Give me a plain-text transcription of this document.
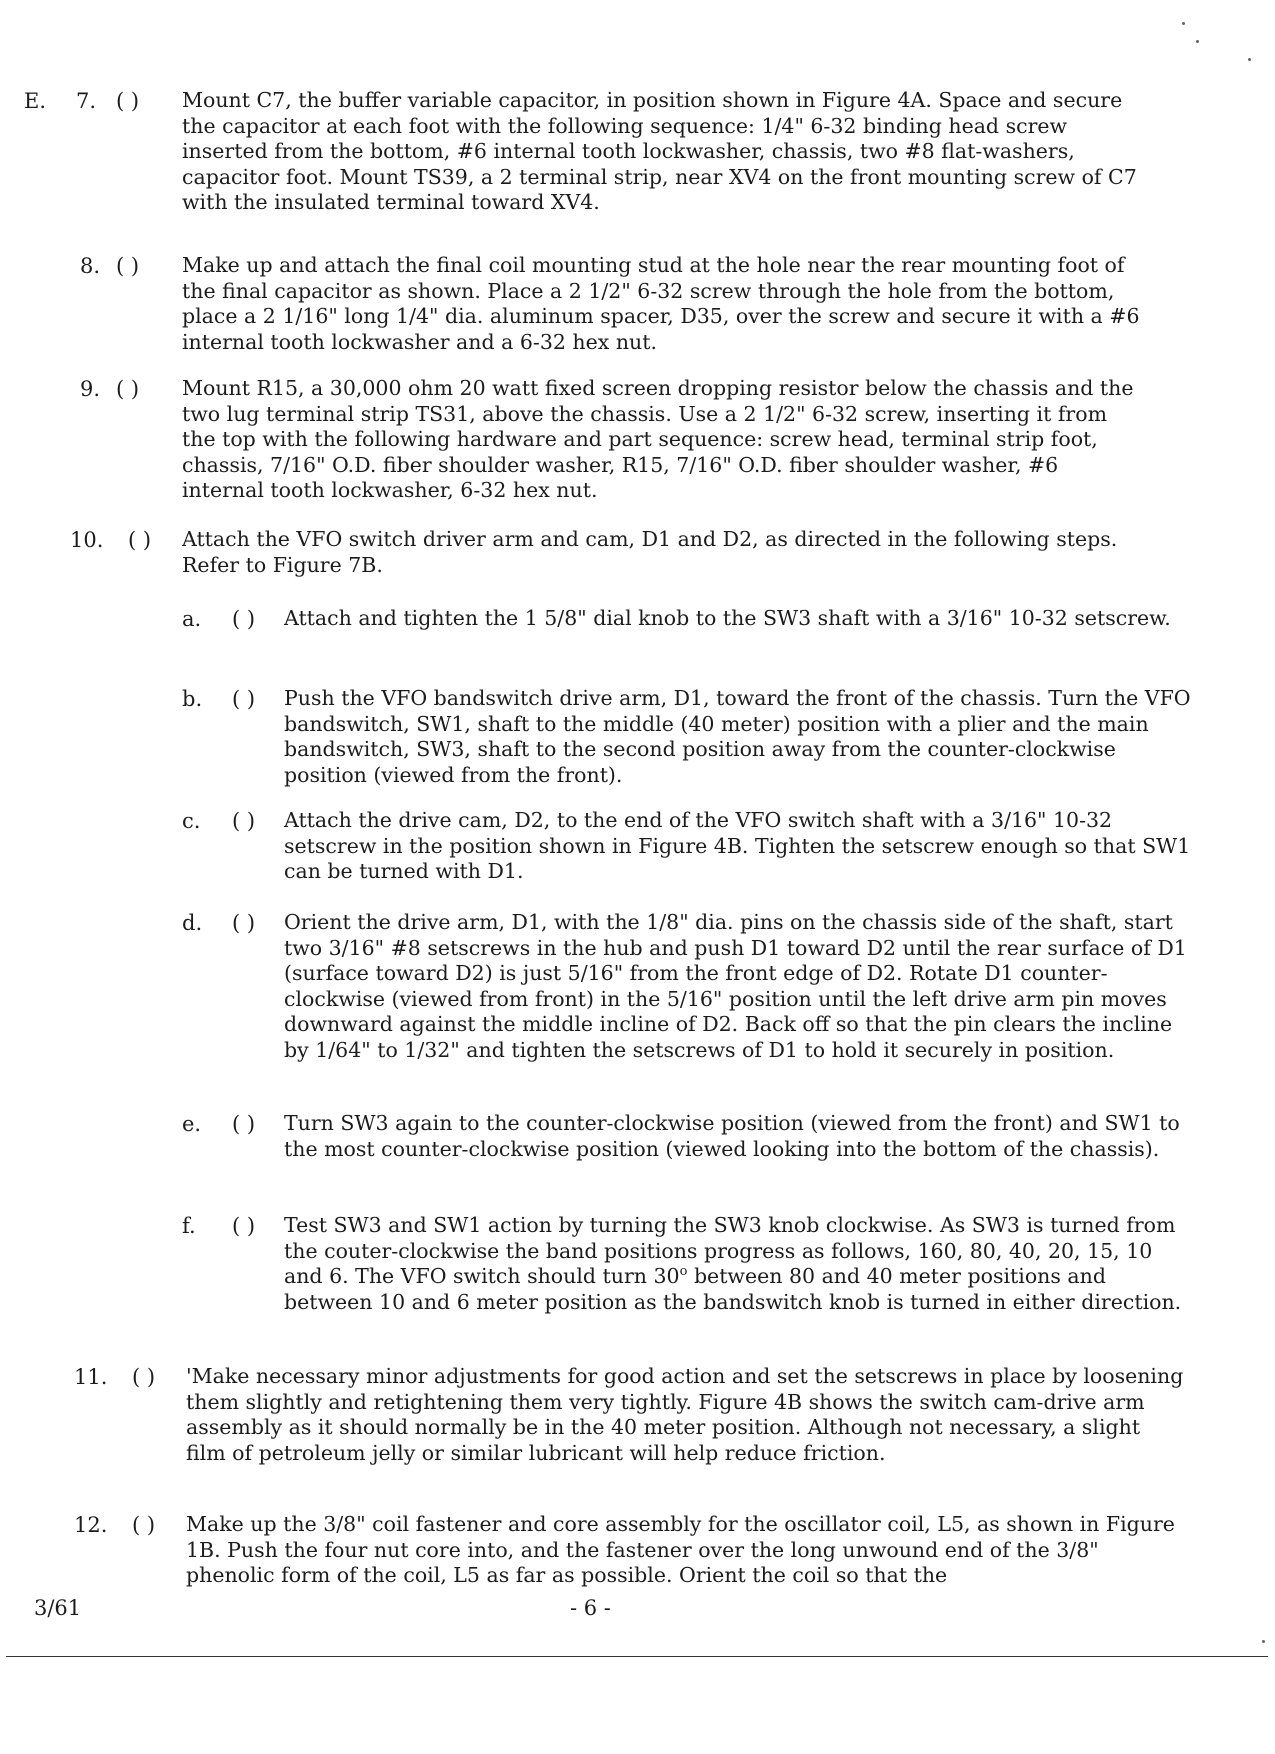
E. 7. ( ) Mount C7, the buffer variable capacitor, in position shown in Figure 4A. Space and secure the capacitor at each foot with the following sequence: 1/4" 6-32 binding head screw inserted from the bottom, #6 internal tooth lockwasher, chassis, two #8 flat-washers, capacitor foot. Mount TS39, a 2 terminal strip, near XV4 on the front mounting screw of C7 with the insulated terminal toward XV4.
8. ( ) Make up and attach the final coil mounting stud at the hole near the rear mounting foot of the final capacitor as shown. Place a 2 1/2" 6-32 screw through the hole from the bottom, place a 2 1/16" long 1/4" dia. aluminum spacer, D35, over the screw and secure it with a #6 internal tooth lockwasher and a 6-32 hex nut.
9. ( ) Mount R15, a 30,000 ohm 20 watt fixed screen dropping resistor below the chassis and the two lug terminal strip TS31, above the chassis. Use a 2 1/2" 6-32 screw, inserting it from the top with the following hardware and part sequence: screw head, terminal strip foot, chassis, 7/16" O.D. fiber shoulder washer, R15, 7/16" O.D. fiber shoulder washer, #6 internal tooth lockwasher, 6-32 hex nut.
10. ( ) Attach the VFO switch driver arm and cam, D1 and D2, as directed in the following steps. Refer to Figure 7B.
a. ( ) Attach and tighten the 1 5/8" dial knob to the SW3 shaft with a 3/16" 10-32 setscrew.
b. ( ) Push the VFO bandswitch drive arm, D1, toward the front of the chassis. Turn the VFO bandswitch, SW1, shaft to the middle (40 meter) position with a plier and the main bandswitch, SW3, shaft to the second position away from the counter-clockwise position (viewed from the front).
c. ( ) Attach the drive cam, D2, to the end of the VFO switch shaft with a 3/16" 10-32 setscrew in the position shown in Figure 4B. Tighten the setscrew enough so that SW1 can be turned with D1.
d. ( ) Orient the drive arm, D1, with the 1/8" dia. pins on the chassis side of the shaft, start two 3/16" #8 setscrews in the hub and push D1 toward D2 until the rear surface of D1 (surface toward D2) is just 5/16" from the front edge of D2. Rotate D1 counter-clockwise (viewed from front) in the 5/16" position until the left drive arm pin moves downward against the middle incline of D2. Back off so that the pin clears the incline by 1/64" to 1/32" and tighten the setscrews of D1 to hold it securely in position.
e. ( ) Turn SW3 again to the counter-clockwise position (viewed from the front) and SW1 to the most counter-clockwise position (viewed looking into the bottom of the chassis).
f. ( ) Test SW3 and SW1 action by turning the SW3 knob clockwise. As SW3 is turned from the couter-clockwise the band positions progress as follows, 160, 80, 40, 20, 15, 10 and 6. The VFO switch should turn 30$^o$ between 80 and 40 meter positions and between 10 and 6 meter position as the bandswitch knob is turned in either direction.
11. ( ) 'Make necessary minor adjustments for good action and set the setscrews in place by loosening them slightly and retightening them very tightly. Figure 4B shows the switch cam-drive arm assembly as it should normally be in the 40 meter position. Although not necessary, a slight film of petroleum jelly or similar lubricant will help reduce friction.
12. ( ) Make up the 3/8" coil fastener and core assembly for the oscillator coil, L5, as shown in Figure 1B. Push the four nut core into, and the fastener over the long unwound end of the 3/8" phenolic form of the coil, L5 as far as possible. Orient the coil so that the
3/61	- 6 -
